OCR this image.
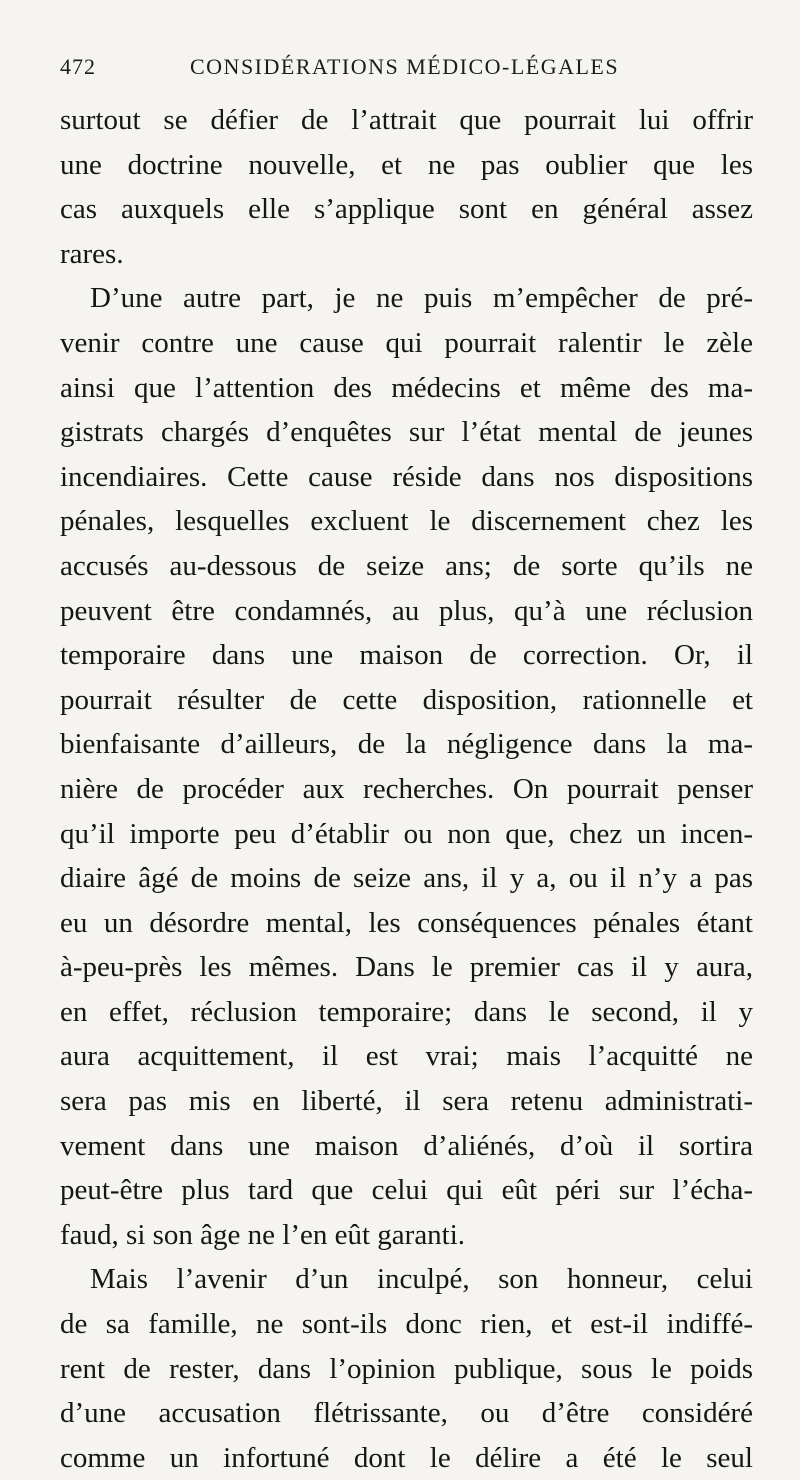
472	CONSIDÉRATIONS MÉDICO-LÉGALES
surtout se défier de l’attrait que pourrait lui offrir
une doctrine nouvelle, et ne pas oublier que les
cas auxquels elle s’applique sont en général assez
rares.
D’une autre part, je ne puis m’empêcher de pré-
venir contre une cause qui pourrait ralentir le zèle
ainsi que l’attention des médecins et même des ma-
gistrats chargés d’enquêtes sur l’état mental de jeunes
incendiaires. Cette cause réside dans nos dispositions
pénales, lesquelles excluent le discernement chez les
accusés au-dessous de seize ans; de sorte qu’ils ne
peuvent être condamnés, au plus, qu’à une réclusion
temporaire dans une maison de correction. Or, il
pourrait résulter de cette disposition, rationnelle et
bienfaisante d’ailleurs, de la négligence dans la ma-
nière de procéder aux recherches. On pourrait penser
qu’il importe peu d’établir ou non que, chez un incen-
diaire âgé de moins de seize ans, il y a, ou il n’y a pas
eu un désordre mental, les conséquences pénales étant
à-peu-près les mêmes. Dans le premier cas il y aura,
en effet, réclusion temporaire; dans le second, il y
aura acquittement, il est vrai; mais l’acquitté ne
sera pas mis en liberté, il sera retenu administrati-
vement dans une maison d’aliénés, d’où il sortira
peut-être plus tard que celui qui eût péri sur l’écha-
faud, si son âge ne l’en eût garanti.
Mais l’avenir d’un inculpé, son honneur, celui
de sa famille, ne sont-ils donc rien, et est-il indiffé-
rent de rester, dans l’opinion publique, sous le poids
d’une accusation flétrissante, ou d’être considéré
comme un infortuné dont le délire a été le seul
